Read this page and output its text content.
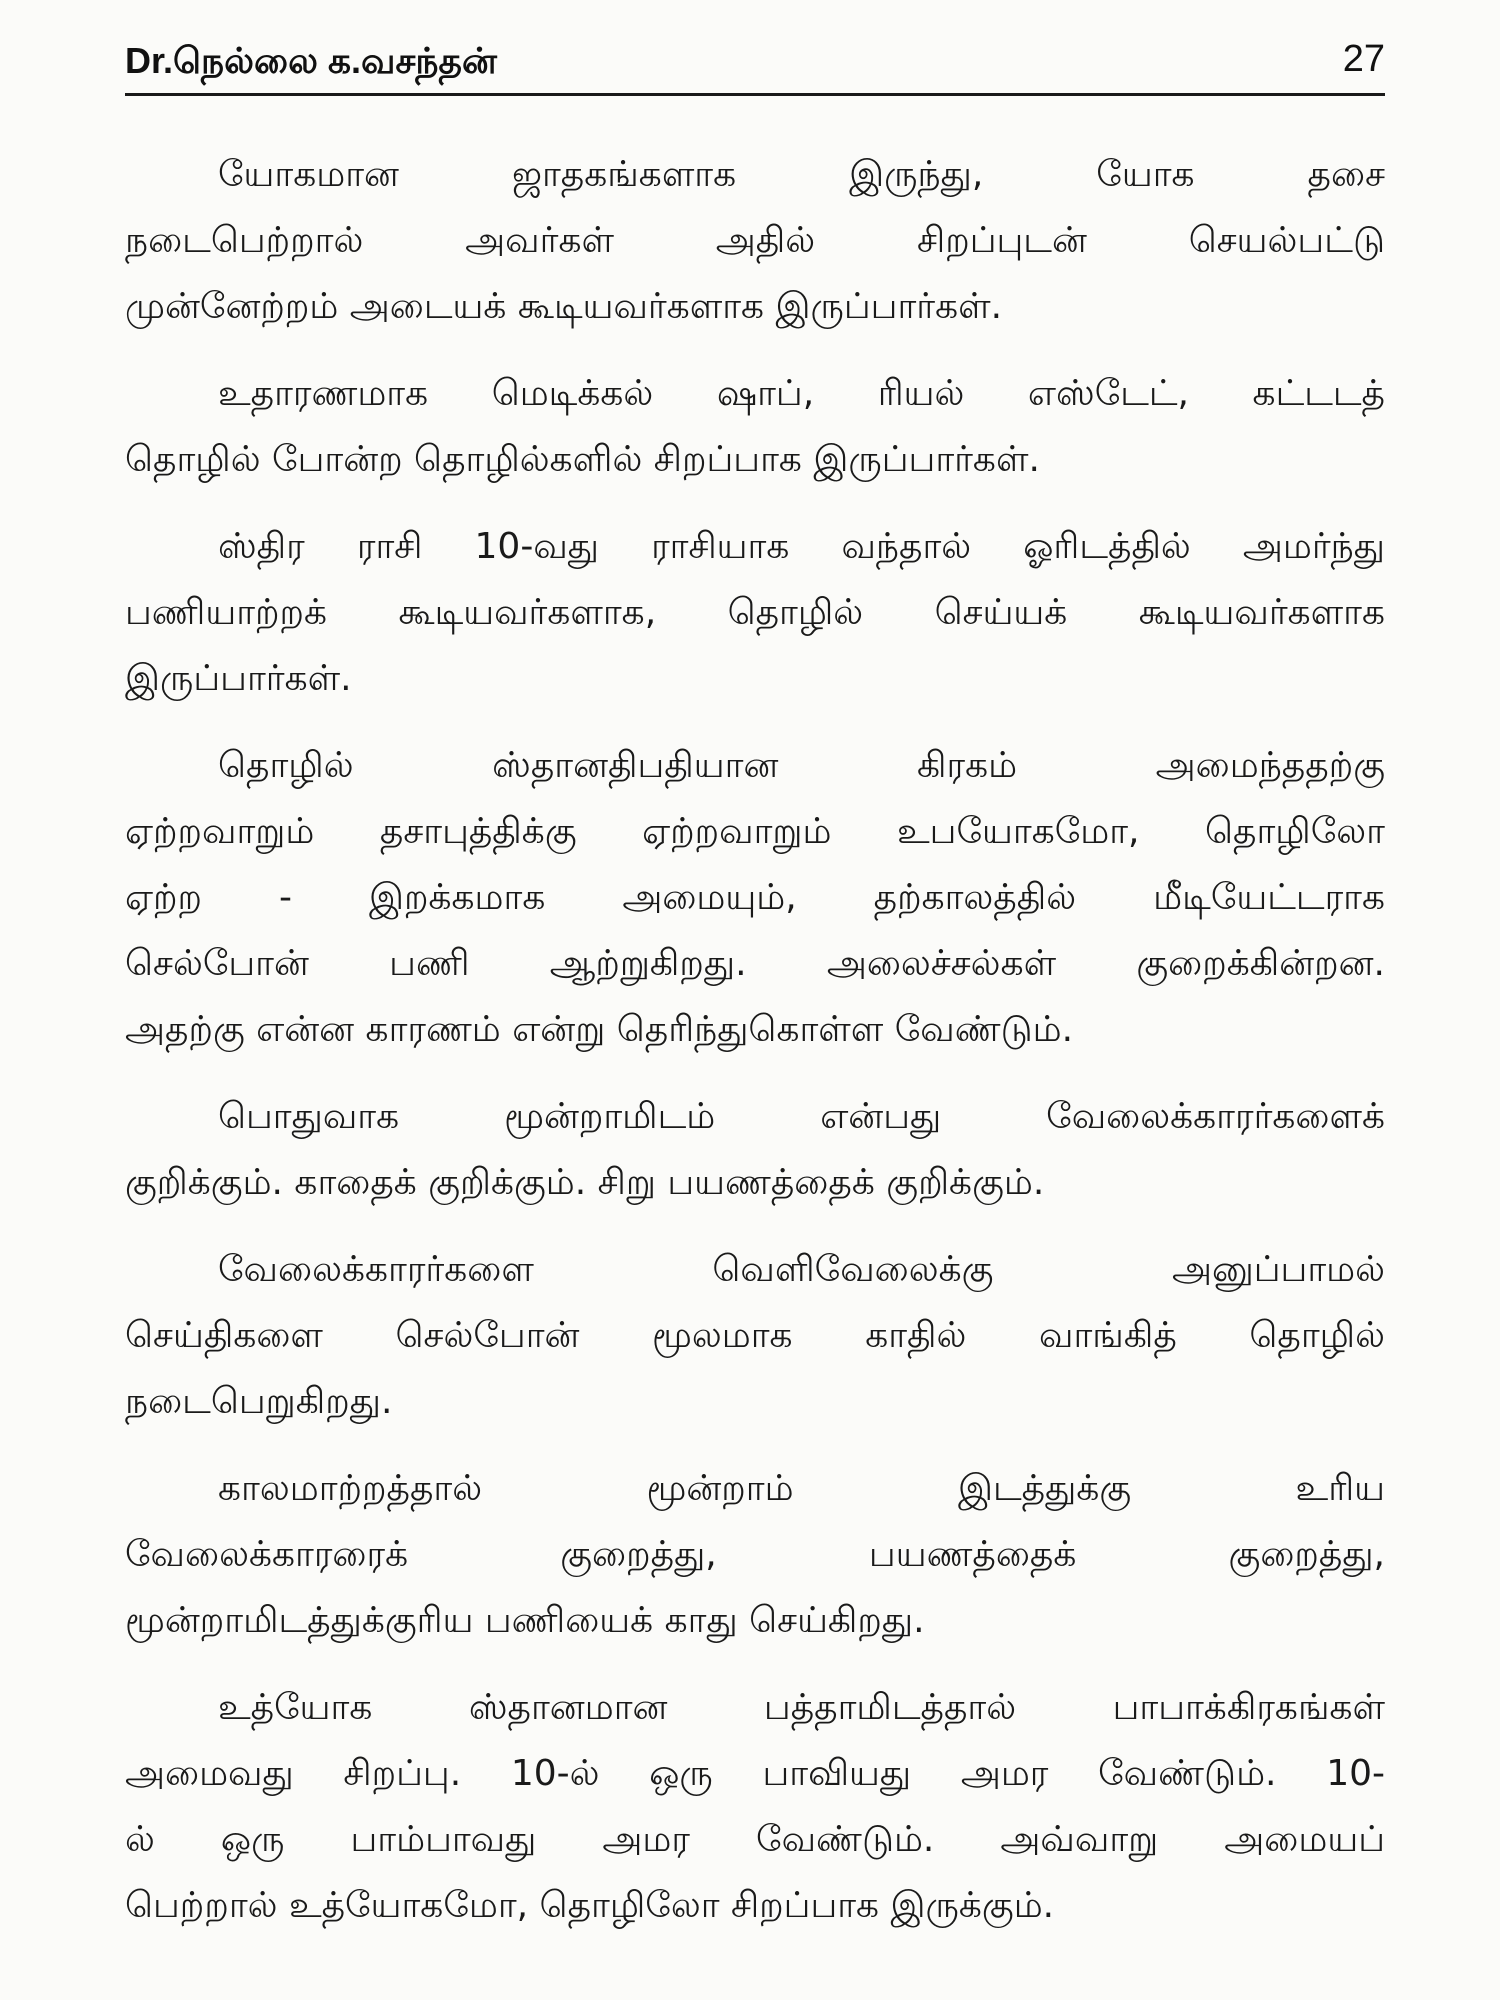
Dr.நெல்லை க.வசந்தன்	27
யோகமான ஜாதகங்களாக இருந்து, யோக தசை
நடைபெற்றால் அவர்கள் அதில் சிறப்புடன் செயல்பட்டு
முன்னேற்றம் அடையக் கூடியவர்களாக இருப்பார்கள்.
உதாரணமாக மெடிக்கல் ஷாப், ரியல் எஸ்டேட், கட்டடத்
தொழில் போன்ற தொழில்களில் சிறப்பாக இருப்பார்கள்.
ஸ்திர ராசி 10-வது ராசியாக வந்தால் ஓரிடத்தில் அமர்ந்து
பணியாற்றக் கூடியவர்களாக, தொழில் செய்யக் கூடியவர்களாக
இருப்பார்கள்.
தொழில் ஸ்தானதிபதியான கிரகம் அமைந்ததற்கு
ஏற்றவாறும் தசாபுத்திக்கு ஏற்றவாறும் உபயோகமோ, தொழிலோ
ஏற்ற - இறக்கமாக அமையும், தற்காலத்தில் மீடியேட்டராக
செல்போன் பணி ஆற்றுகிறது. அலைச்சல்கள் குறைக்கின்றன.
அதற்கு என்ன காரணம் என்று தெரிந்துகொள்ள வேண்டும்.
பொதுவாக மூன்றாமிடம் என்பது வேலைக்காரர்களைக்
குறிக்கும். காதைக் குறிக்கும். சிறு பயணத்தைக் குறிக்கும்.
வேலைக்காரர்களை வெளிவேலைக்கு அனுப்பாமல்
செய்திகளை செல்போன் மூலமாக காதில் வாங்கித் தொழில்
நடைபெறுகிறது.
காலமாற்றத்தால் மூன்றாம் இடத்துக்கு உரிய
வேலைக்காரரைக் குறைத்து, பயணத்தைக் குறைத்து,
மூன்றாமிடத்துக்குரிய பணியைக் காது செய்கிறது.
உத்யோக ஸ்தானமான பத்தாமிடத்தால் பாபாக்கிரகங்கள்
அமைவது சிறப்பு. 10-ல் ஒரு பாவியது அமர வேண்டும். 10-
ல் ஒரு பாம்பாவது அமர வேண்டும். அவ்வாறு அமையப்
பெற்றால் உத்யோகமோ, தொழிலோ சிறப்பாக இருக்கும்.
